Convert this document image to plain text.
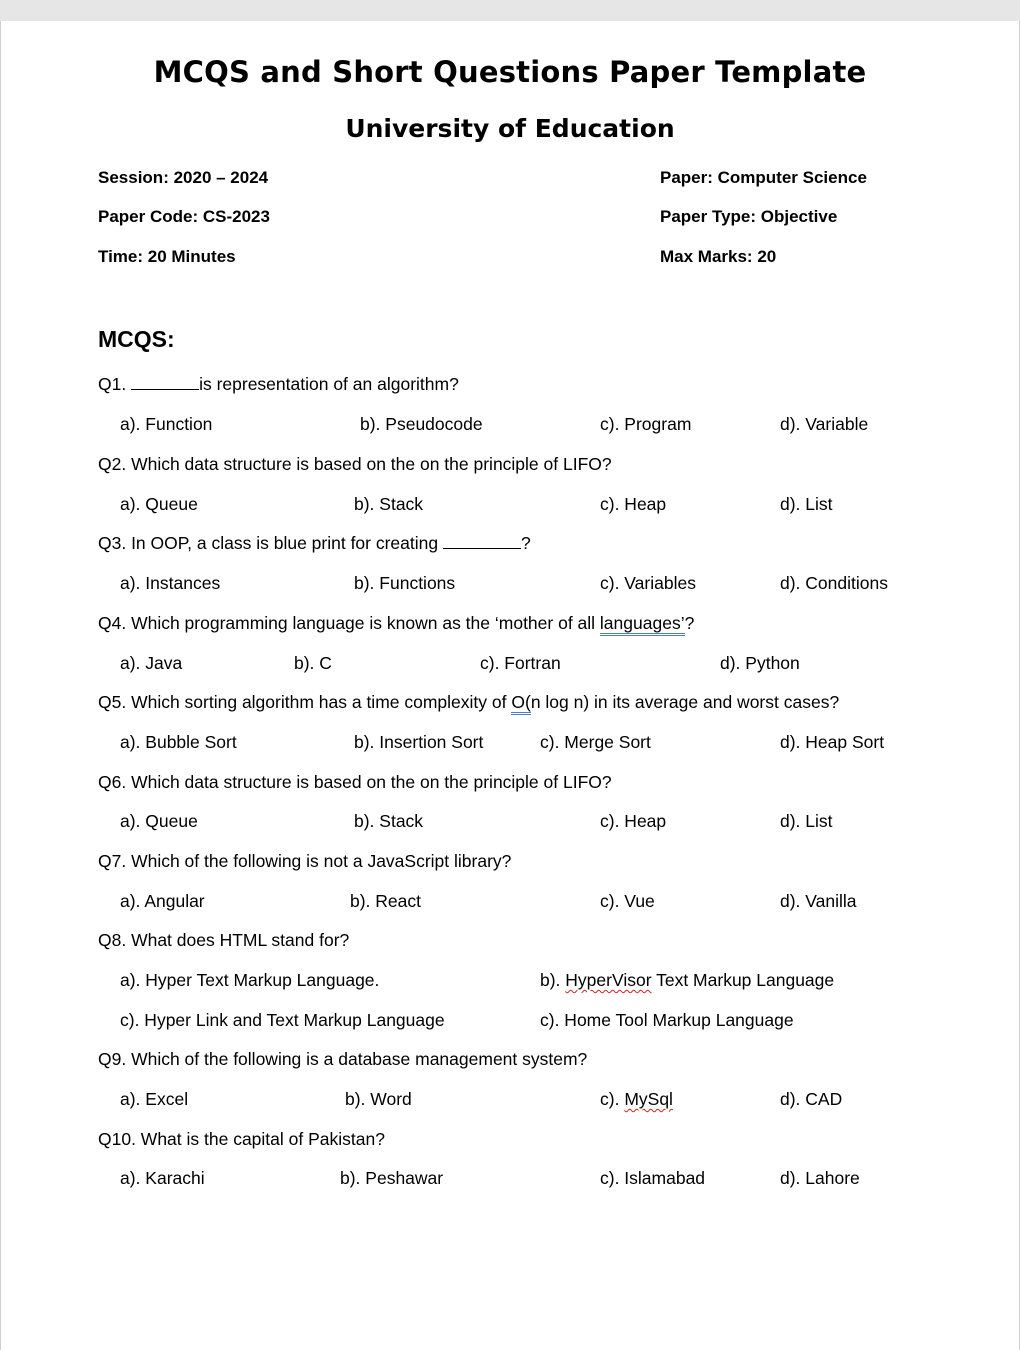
MCQS and Short Questions Paper Template
University of Education
Session: 2020 – 2024	Paper: Computer Science
Paper Code: CS-2023	Paper Type: Objective
Time: 20 Minutes	Max Marks: 20
MCQS:
Q1.	is representation of an algorithm?
a). Function	b). Pseudocode	c). Program	d). Variable
Q2. Which data structure is based on the on the principle of LIFO?
a). Queue	b). Stack	c). Heap	d). List
Q3. In OOP, a class is blue print for creating	?
a). Instances	b). Functions	c). Variables	d). Conditions
Q4. Which programming language is known as the ‘mother of all languages’?
a). Java	b). C	c). Fortran	d). Python
Q5. Which sorting algorithm has a time complexity of O(n log n) in its average and worst cases?
a). Bubble Sort	b). Insertion Sort	c). Merge Sort	d). Heap Sort
Q6. Which data structure is based on the on the principle of LIFO?
a). Queue	b). Stack	c). Heap	d). List
Q7. Which of the following is not a JavaScript library?
a). Angular	b). React	c). Vue	d). Vanilla
Q8. What does HTML stand for?
a). Hyper Text Markup Language.	b). HyperVisor Text Markup Language
c). Hyper Link and Text Markup Language	c). Home Tool Markup Language
Q9. Which of the following is a database management system?
a). Excel	b). Word	c). MySql	d). CAD
Q10. What is the capital of Pakistan?
a). Karachi	b). Peshawar	c). Islamabad	d). Lahore
